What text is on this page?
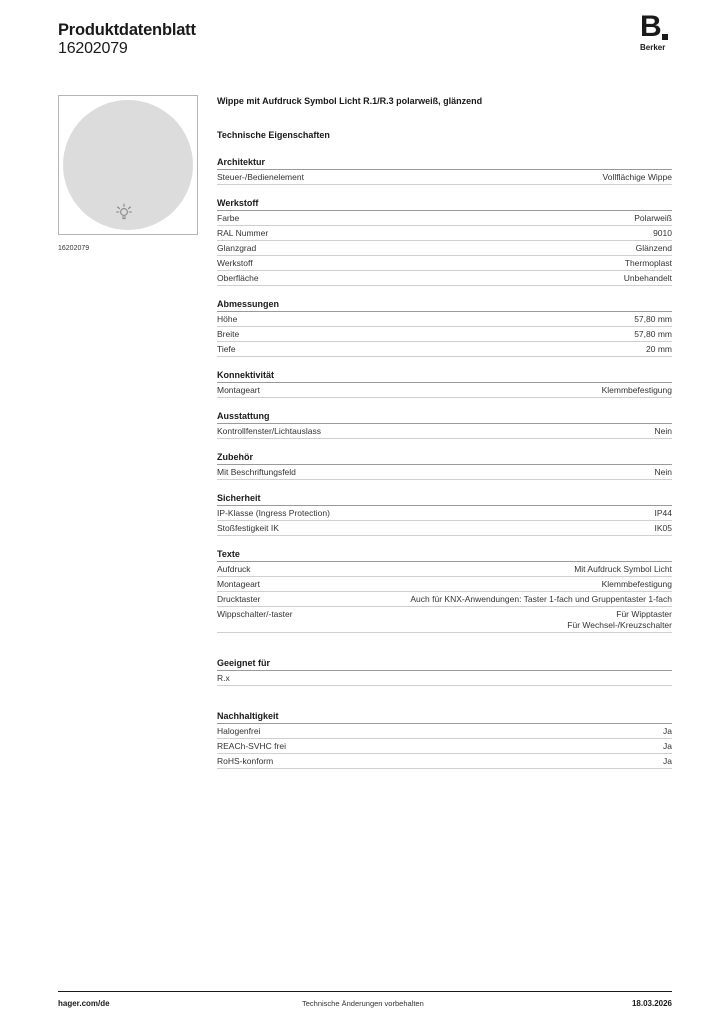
Produktdatenblatt
16202079
B
Berker
16202079
Wippe mit Aufdruck Symbol Licht R.1/R.3 polarweiß, glänzend
Technische Eigenschaften
Architektur
Steuer-/Bedienelement	Vollflächige Wippe
Werkstoff
Farbe	Polarweiß
RAL Nummer	9010
Glanzgrad	Glänzend
Werkstoff	Thermoplast
Oberfläche	Unbehandelt
Abmessungen
Höhe	57,80 mm
Breite	57,80 mm
Tiefe	20 mm
Konnektivität
Montageart	Klemmbefestigung
Ausstattung
Kontrollfenster/Lichtauslass	Nein
Zubehör
Mit Beschriftungsfeld	Nein
Sicherheit
IP-Klasse (Ingress Protection)	IP44
Stoßfestigkeit IK	IK05
Texte
Aufdruck	Mit Aufdruck Symbol Licht
Montageart	Klemmbefestigung
Drucktaster	Auch für KNX-Anwendungen: Taster 1-fach und Gruppentaster 1-fach
Wippschalter/-taster	Für Wipptaster
Für Wechsel-/Kreuzschalter
Geeignet für
R.x
Nachhaltigkeit
Halogenfrei	Ja
REACh-SVHC frei	Ja
RoHS-konform	Ja
hager.com/de	Technische Änderungen vorbehalten	18.03.2026
